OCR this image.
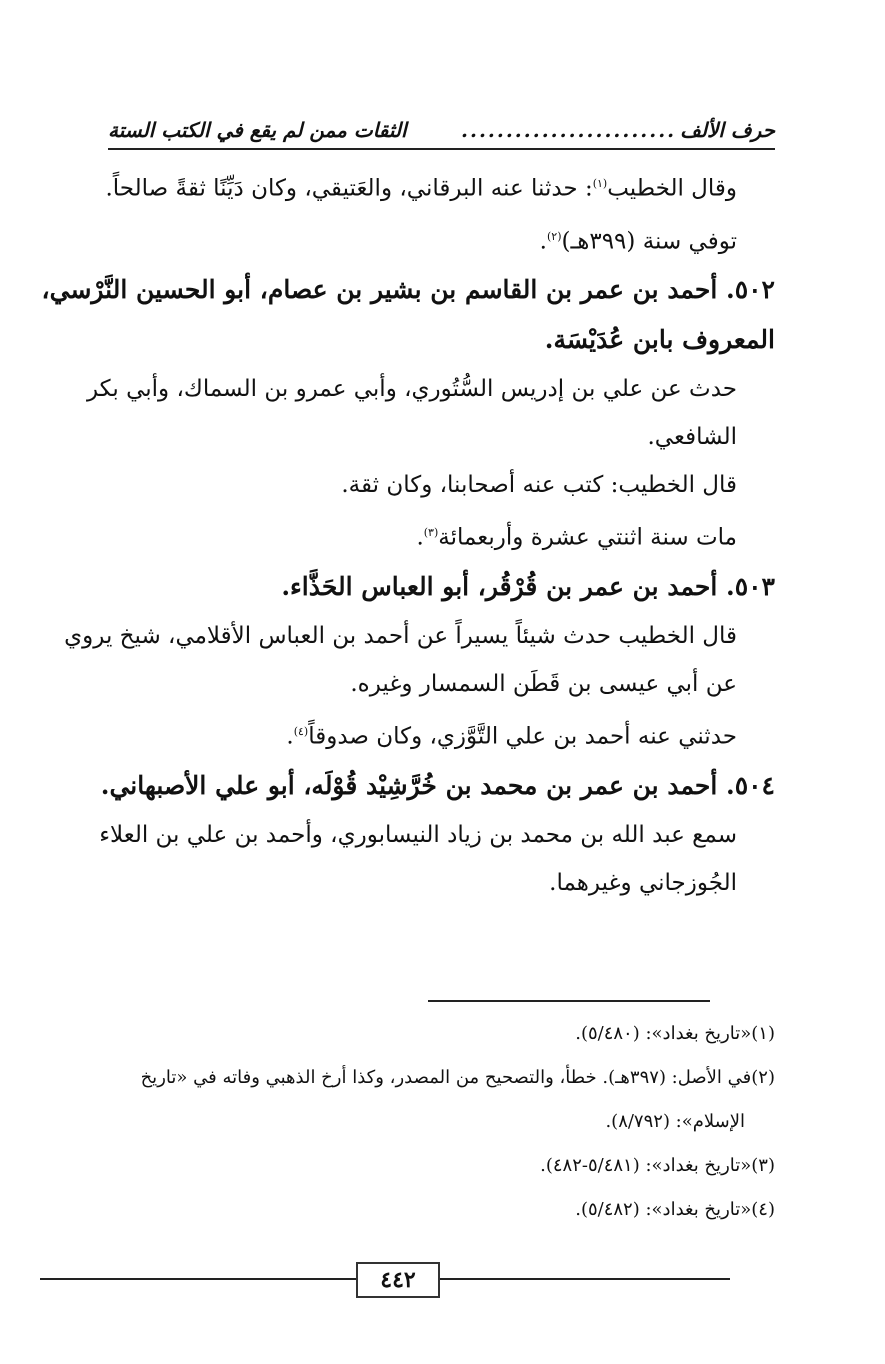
حرف الألف
........................
الثقات ممن لم يقع في الكتب الستة

وقال الخطيب$^{(١)}$: حدثنا عنه البرقاني، والعَتيقي، وكان دَيِّنًا ثقةً صالحاً.

توفي سنة (٣٩٩هـ)$^{(٢)}$.

٥٠٢. أحمد بن عمر بن القاسم بن بشير بن عصام، أبو الحسين النَّرْسي، المعروف بابن عُدَيْسَة.

حدث عن علي بن إدريس السُّتُوري، وأبي عمرو بن السماك، وأبي بكر الشافعي.

قال الخطيب: كتب عنه أصحابنا، وكان ثقة.

مات سنة اثنتي عشرة وأربعمائة$^{(٣)}$.

٥٠٣. أحمد بن عمر بن قُرْقُر، أبو العباس الحَذَّاء.

قال الخطيب حدث شيئاً يسيراً عن أحمد بن العباس الأقلامي، شيخ يروي عن أبي عيسى بن قَطَن السمسار وغيره.

حدثني عنه أحمد بن علي التَّوَّزي، وكان صدوقاً$^{(٤)}$.

٥٠٤. أحمد بن عمر بن محمد بن خُرَّشِيْد قُوْلَه، أبو علي الأصبهاني.

سمع عبد الله بن محمد بن زياد النيسابوري، وأحمد بن علي بن العلاء الجُوزجاني وغيرهما.

(١)«تاريخ بغداد»: (٥/٤٨٠).
(٢)في الأصل: (٣٩٧هـ). خطأ، والتصحيح من المصدر، وكذا أرخ الذهبي وفاته في «تاريخ
الإسلام»: (٨/٧٩٢).
(٣)«تاريخ بغداد»: (٥/٤٨١-٤٨٢).
(٤)«تاريخ بغداد»: (٥/٤٨٢).
٤٤٢
